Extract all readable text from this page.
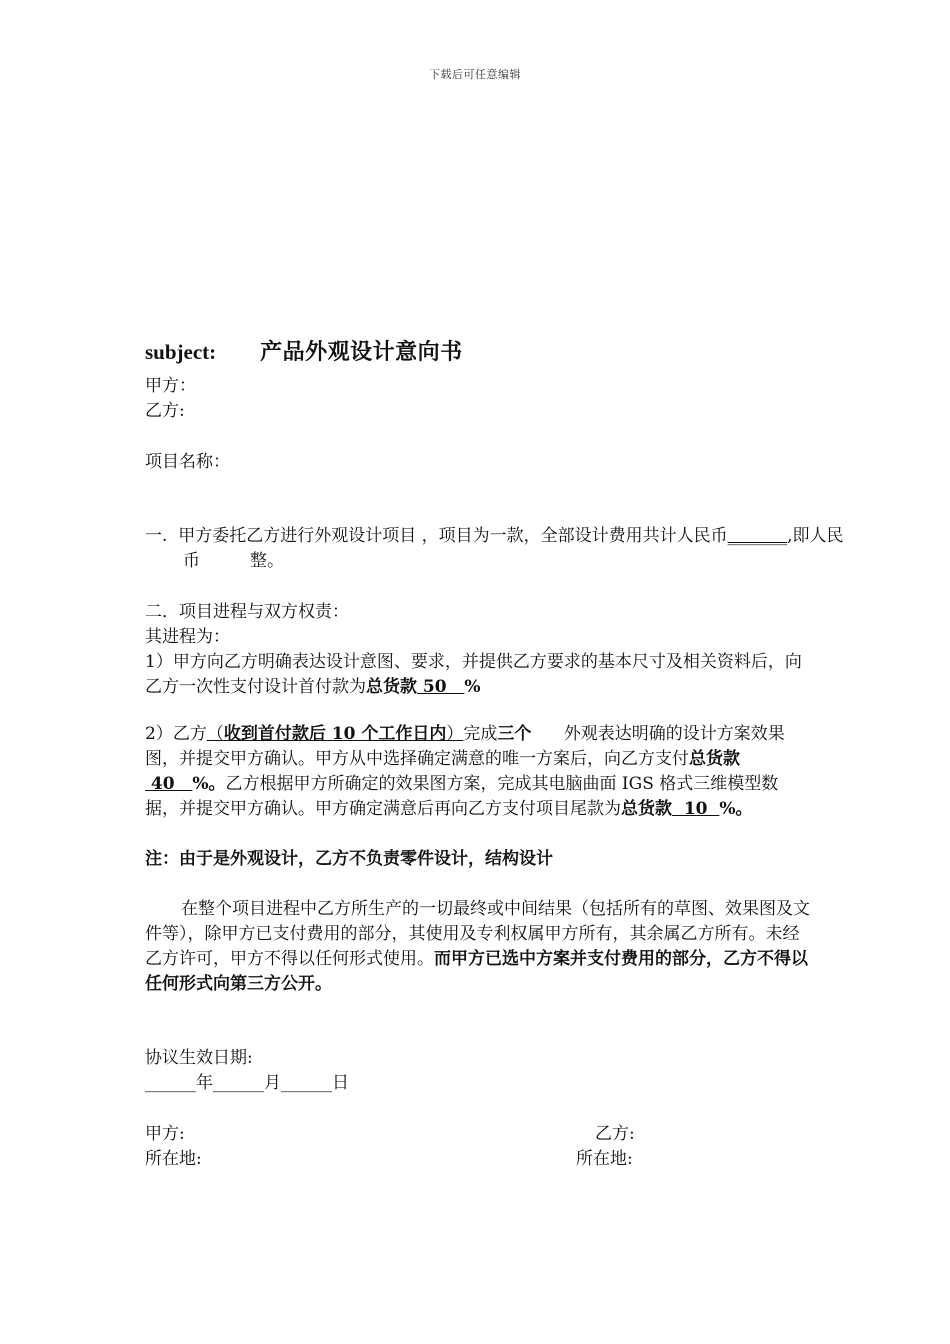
下载后可任意编辑
subject: 产品外观设计意向书
甲方：
乙方:
项目名称：
一. 甲方委托乙方进行外观设计项目 ，项目为一款，全部设计费用共计人民币_______,即人民币	整。
二．项目进程与双方权责：
其进程为：
1）甲方向乙方明确表达设计意图、要求，并提供乙方要求的基本尺寸及相关资料后，向乙方一次性支付设计首付款为总货款 50   %
2）乙方（收到首付款后 10 个工作日内）完成三个      外观表达明确的设计方案效果图，并提交甲方确认。甲方从中选择确定满意的唯一方案后，向乙方支付总货款 40   %。乙方根据甲方所确定的效果图方案，完成其电脑曲面 IGS 格式三维模型数据，并提交甲方确认。甲方确定满意后再向乙方支付项目尾款为总货款  10  %。
注：由于是外观设计，乙方不负责零件设计，结构设计
在整个项目进程中乙方所生产的一切最终或中间结果（包括所有的草图、效果图及文件等），除甲方已支付费用的部分，其使用及专利权属甲方所有，其余属乙方所有。未经乙方许可，甲方不得以任何形式使用。而甲方已选中方案并支付费用的部分，乙方不得以任何形式向第三方公开。
协议生效日期:
______年______月______日
甲方:
所在地:
乙方:
所在地:
